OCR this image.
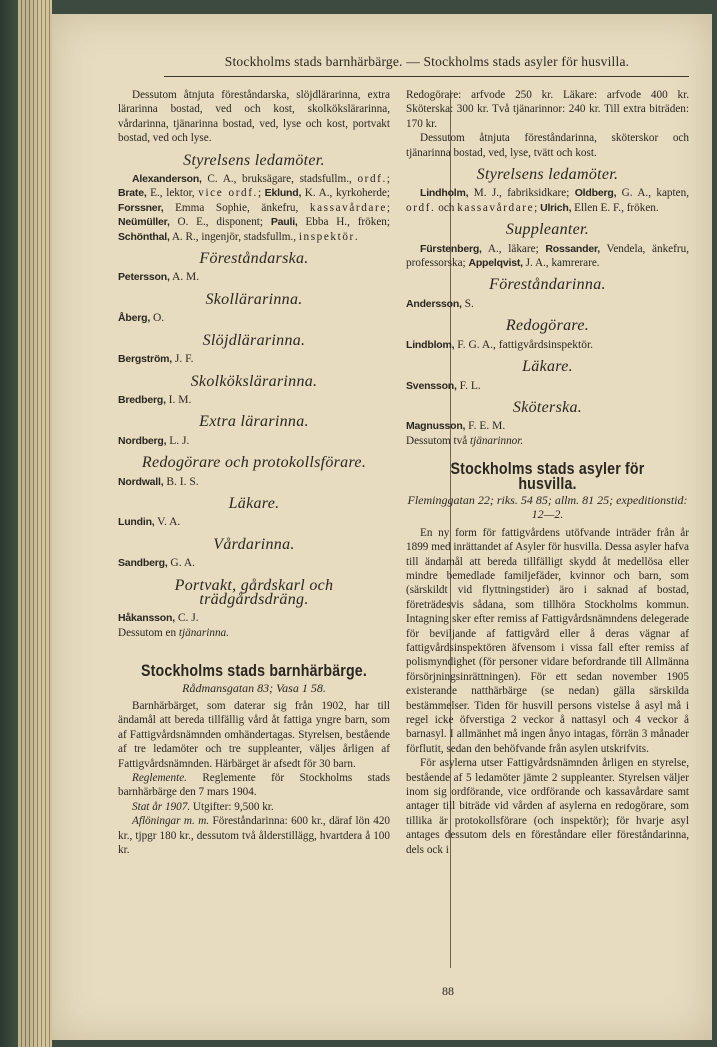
Stockholms stads barnhärbärge. — Stockholms stads asyler för husvilla.
88

Dessutom åtnjuta föreståndarska, slöjdlärarinna, extra lärarinna bostad, ved och kost, skolkökslärarinna, vårdarinna, tjänarinna bostad, ved, lyse och kost, portvakt bostad, ved och lyse.

Styrelsens ledamöter.

Alexanderson, C. A., bruksägare, stadsfullm., ordf.; Brate, E., lektor, vice ordf.; Eklund, K. A., kyrkoherde; Forssner, Emma Sophie, änkefru, kassavårdare; Neümüller, O. E., disponent; Pauli, Ebba H., fröken; Schönthal, A. R., ingenjör, stadsfullm., inspektör.

Föreståndarska.

Petersson, A. M.

Skollärarinna.

Åberg, O.

Slöjdlärarinna.

Bergström, J. F.

Skolkökslärarinna.

Bredberg, I. M.

Extra lärarinna.

Nordberg, L. J.

Redogörare och protokollsförare.

Nordwall, B. I. S.

Läkare.

Lundin, V. A.

Vårdarinna.

Sandberg, G. A.

Portvakt, gårdskarl och trädgårdsdräng.

Håkansson, C. J.

Dessutom en tjänarinna.

Stockholms stads barnhärbärge.
Rådmansgatan 83; Vasa 1 58.

Barnhärbärget, som daterar sig från 1902, har till ändamål att bereda tillfällig vård åt fattiga yngre barn, som af Fattigvårdsnämnden omhändertagas. Styrelsen, bestående af tre ledamöter och tre suppleanter, väljes årligen af Fattigvårdsnämnden. Härbärget är afsedt för 30 barn.

Reglemente. Reglemente för Stockholms stads barnhärbärge den 7 mars 1904.

Stat år 1907. Utgifter: 9,500 kr.

Aflöningar m. m. Föreståndarinna: 600 kr., däraf lön 420 kr., tjpgr 180 kr., dessutom två ålderstillägg, hvartdera å 100 kr.

Redogörare: arfvode 250 kr. Läkare: arfvode 400 kr. Sköterska: 300 kr. Två tjänarinnor: 240 kr. Till extra biträden: 170 kr.

Dessutom åtnjuta föreståndarinna, sköterskor och tjänarinna bostad, ved, lyse, tvätt och kost.

Styrelsens ledamöter.

Lindholm, M. J., fabriksidkare; Oldberg, G. A., kapten, ordf. och kassavårdare; Ulrich, Ellen E. F., fröken.

Suppleanter.

Fürstenberg, A., läkare; Rossander, Vendela, änkefru, professorska; Appelqvist, J. A., kamrerare.

Föreståndarinna.

Andersson, S.

Redogörare.

Lindblom, F. G. A., fattigvårdsinspektör.

Läkare.

Svensson, F. L.

Sköterska.

Magnusson, F. E. M.

Dessutom två tjänarinnor.

Stockholms stads asyler för husvilla.
Fleminggatan 22; riks. 54 85; allm. 81 25; expeditionstid: 12—2.

En ny form för fattigvårdens utöfvande inträder från år 1899 med inrättandet af Asyler för husvilla. Dessa asyler hafva till ändamål att bereda tillfälligt skydd åt medellösa eller mindre bemedlade familjefäder, kvinnor och barn, som (särskildt vid flyttningstider) äro i saknad af bostad, företrädesvis sådana, som tillhöra Stockholms kommun. Intagning sker efter remiss af Fattigvårdsnämndens delegerade för beviljande af fattigvård eller å deras vägnar af fattigvårdsinspektören äfvensom i vissa fall efter remiss af polismyndighet (för personer vidare befordrande till Allmänna försörjningsinrättningen). För ett sedan november 1905 existerande natthärbärge (se nedan) gälla särskilda bestämmelser. Tiden för husvill persons vistelse å asyl må i regel icke öfverstiga 2 veckor å nattasyl och 4 veckor å barnasyl. I allmänhet må ingen ånyo intagas, förrän 3 månader förflutit, sedan den behöfvande från asylen utskrifvits.

För asylerna utser Fattigvårdsnämnden årligen en styrelse, bestående af 5 ledamöter jämte 2 suppleanter. Styrelsen väljer inom sig ordförande, vice ordförande och kassavårdare samt antager till biträde vid vården af asylerna en redogörare, som tillika är protokollsförare (och inspektör); för hvarje asyl antages dessutom dels en föreståndare eller föreståndarinna, dels ock i
